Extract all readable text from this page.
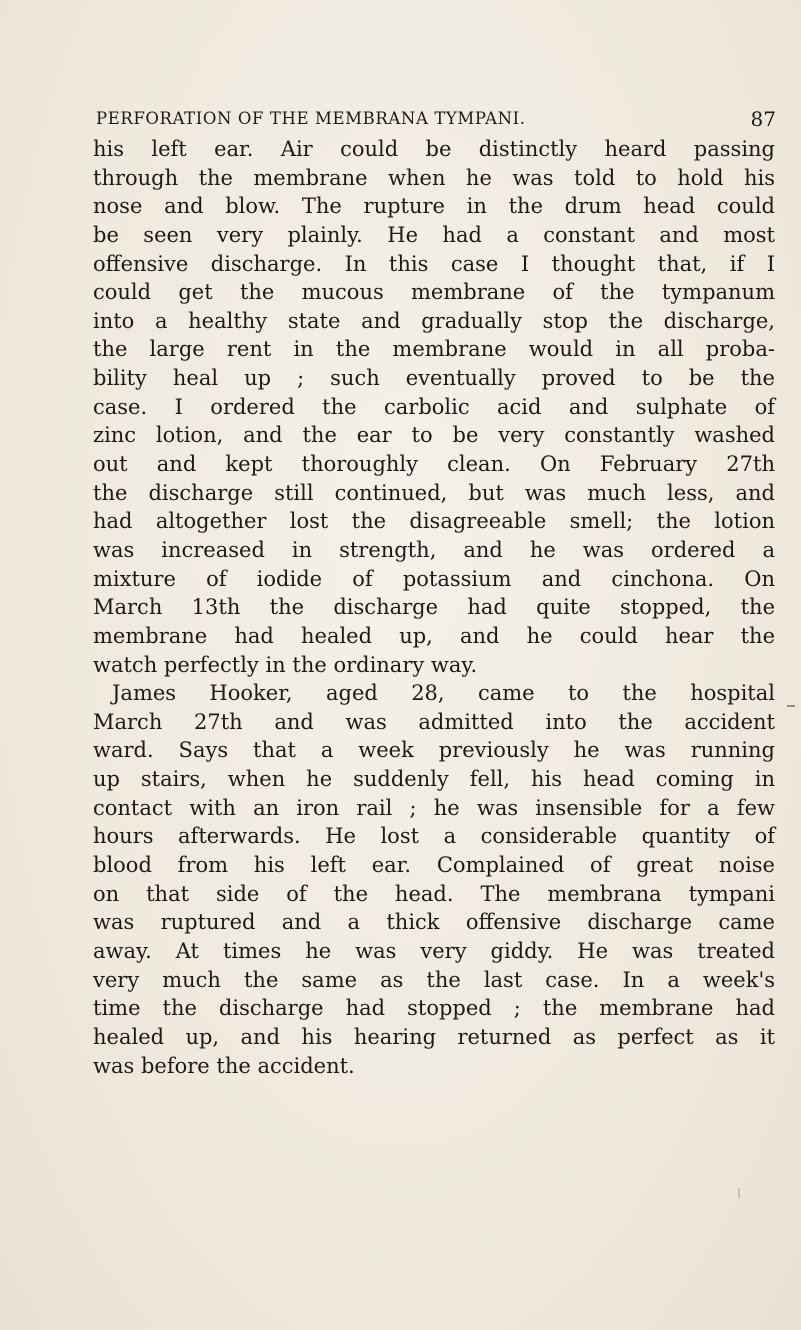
PERFORATION OF THE MEMBRANA TYMPANI.	87
his left ear. Air could be distinctly heard passing
through the membrane when he was told to hold his
nose and blow. The rupture in the drum head could
be seen very plainly. He had a constant and most
offensive discharge. In this case I thought that, if I
could get the mucous membrane of the tympanum
into a healthy state and gradually stop the discharge,
the large rent in the membrane would in all proba-
bility heal up ; such eventually proved to be the
case. I ordered the carbolic acid and sulphate of
zinc lotion, and the ear to be very constantly washed
out and kept thoroughly clean. On February 27th
the discharge still continued, but was much less, and
had altogether lost the disagreeable smell; the lotion
was increased in strength, and he was ordered a
mixture of iodide of potassium and cinchona. On
March 13th the discharge had quite stopped, the
membrane had healed up, and he could hear the
watch perfectly in the ordinary way.
James Hooker, aged 28, came to the hospital
March 27th and was admitted into the accident
ward. Says that a week previously he was running
up stairs, when he suddenly fell, his head coming in
contact with an iron rail ; he was insensible for a few
hours afterwards. He lost a considerable quantity of
blood from his left ear. Complained of great noise
on that side of the head. The membrana tympani
was ruptured and a thick offensive discharge came
away. At times he was very giddy. He was treated
very much the same as the last case. In a week's
time the discharge had stopped ; the membrane had
healed up, and his hearing returned as perfect as it
was before the accident.
